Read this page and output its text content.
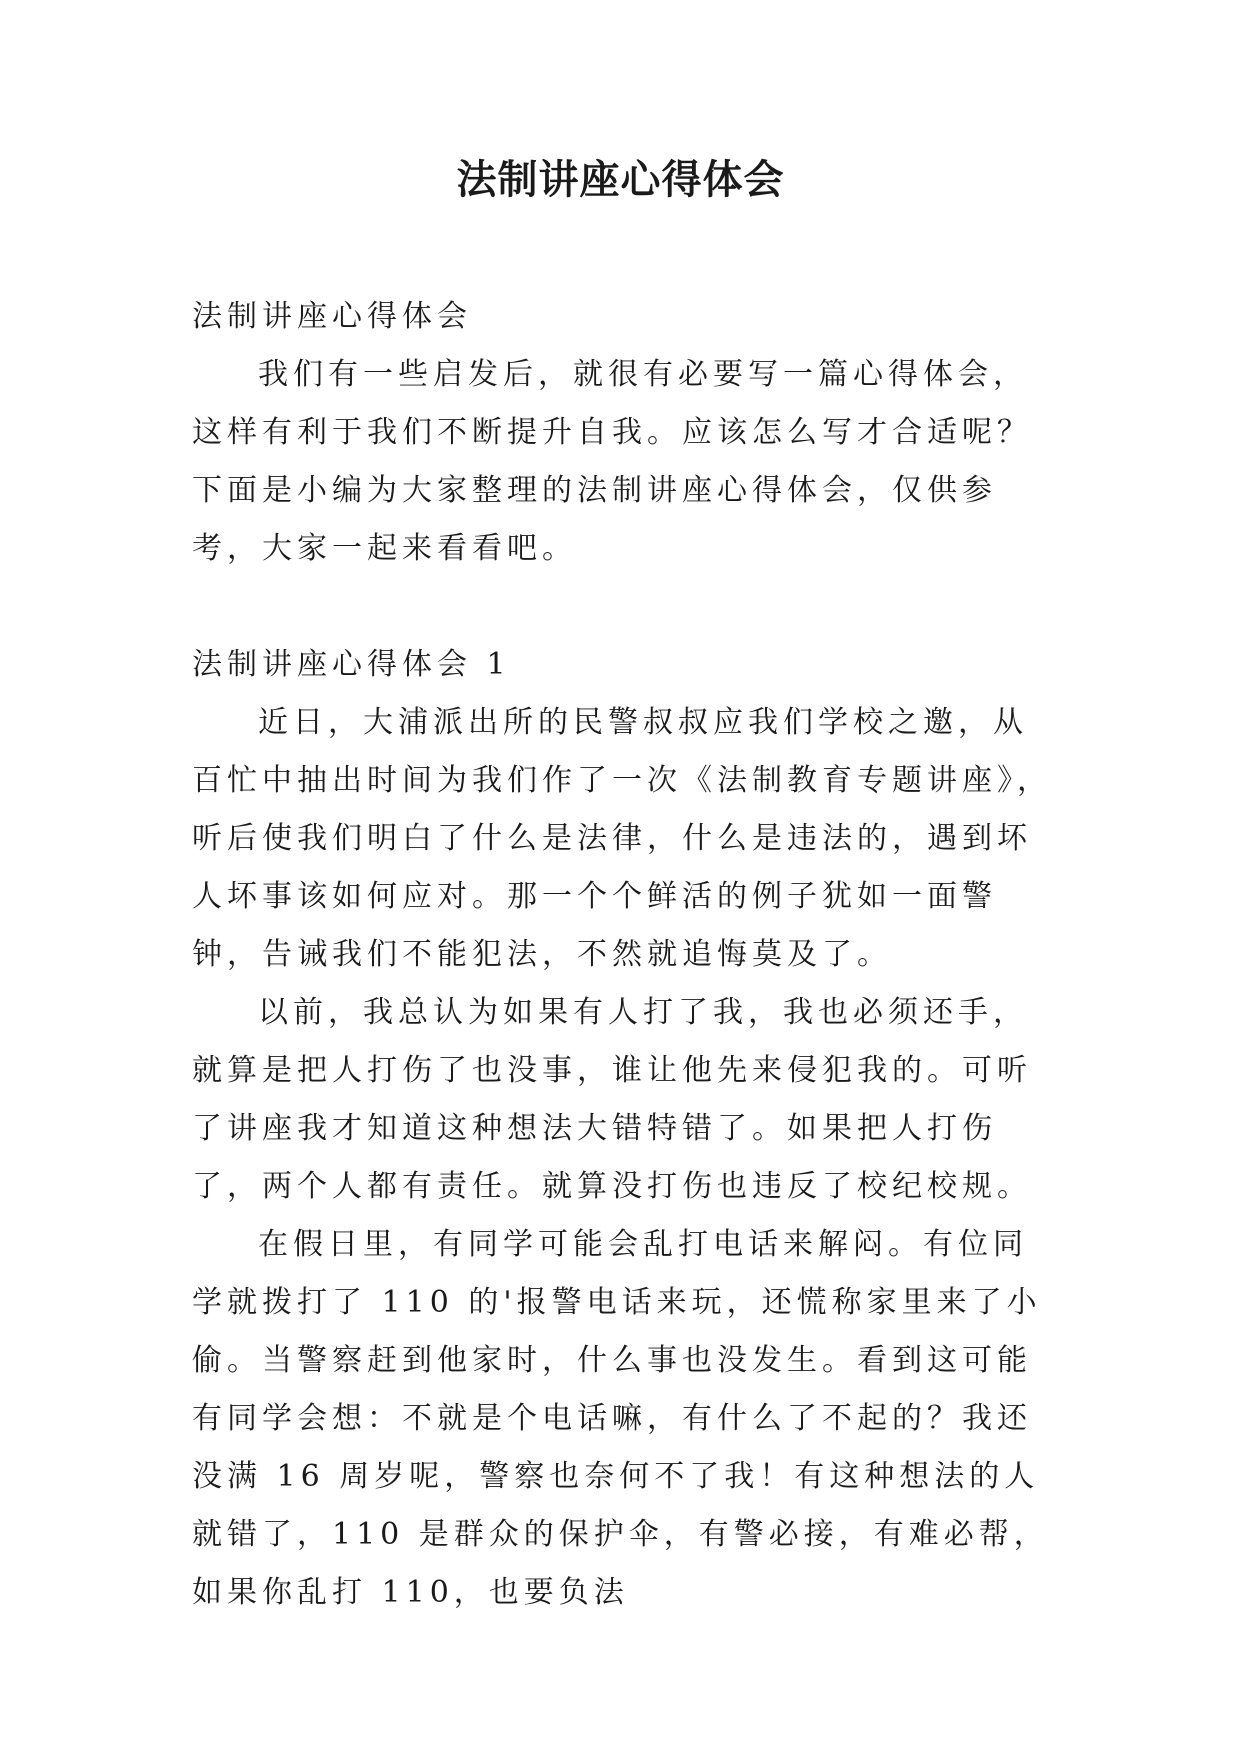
法制讲座心得体会

法制讲座心得体会

我们有一些启发后，就很有必要写一篇心得体会，这样有利于我们不断提升自我。应该怎么写才合适呢？下面是小编为大家整理的法制讲座心得体会，仅供参考，大家一起来看看吧。

法制讲座心得体会 1

近日，大浦派出所的民警叔叔应我们学校之邀，从百忙中抽出时间为我们作了一次《法制教育专题讲座》，听后使我们明白了什么是法律，什么是违法的，遇到坏人坏事该如何应对。那一个个鲜活的例子犹如一面警钟，告诫我们不能犯法，不然就追悔莫及了。

以前，我总认为如果有人打了我，我也必须还手，就算是把人打伤了也没事，谁让他先来侵犯我的。可听了讲座我才知道这种想法大错特错了。如果把人打伤了，两个人都有责任。就算没打伤也违反了校纪校规。

在假日里，有同学可能会乱打电话来解闷。有位同学就拨打了 110 的'报警电话来玩，还慌称家里来了小偷。当警察赶到他家时，什么事也没发生。看到这可能有同学会想：不就是个电话嘛，有什么了不起的？我还没满 16 周岁呢，警察也奈何不了我！有这种想法的人就错了，110 是群众的保护伞，有警必接，有难必帮，如果你乱打 110，也要负法
